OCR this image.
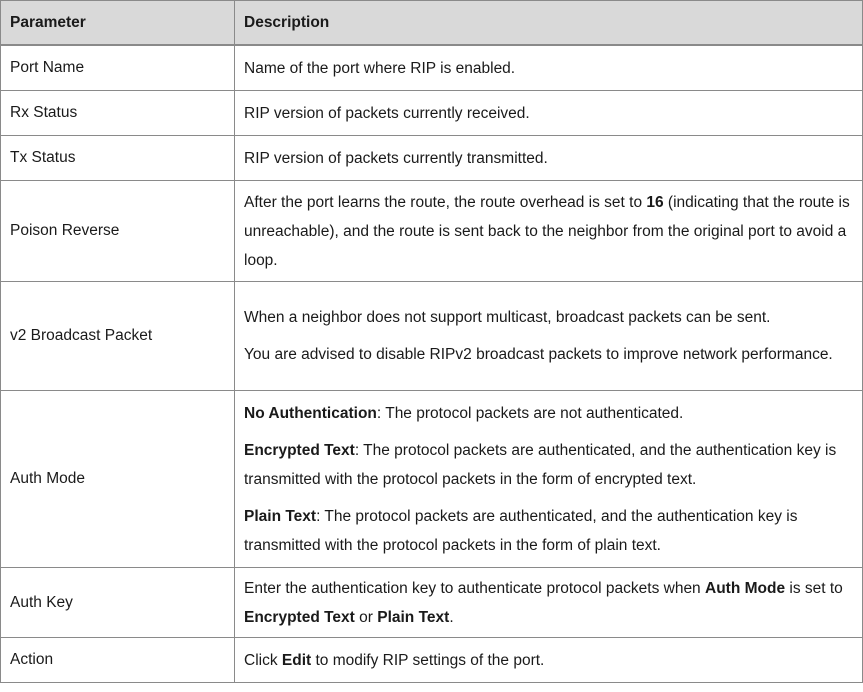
Parameter	Description
Port Name	Name of the port where RIP is enabled.

Rx Status	RIP version of packets currently received.

Tx Status	RIP version of packets currently transmitted.

Poison Reverse	After the port learns the route, the route overhead is set to 16 (indicating that the route is unreachable), and the route is sent back to the neighbor from the original port to avoid a loop.

v2 Broadcast Packet	When a neighbor does not support multicast, broadcast packets can be sent.

You are advised to disable RIPv2 broadcast packets to improve network performance.

Auth Mode	No Authentication: The protocol packets are not authenticated.

Encrypted Text: The protocol packets are authenticated, and the authentication key is transmitted with the protocol packets in the form of encrypted text.

Plain Text: The protocol packets are authenticated, and the authentication key is transmitted with the protocol packets in the form of plain text.

Auth Key	Enter the authentication key to authenticate protocol packets when Auth Mode is set to Encrypted Text or Plain Text.

Action	Click Edit to modify RIP settings of the port.
